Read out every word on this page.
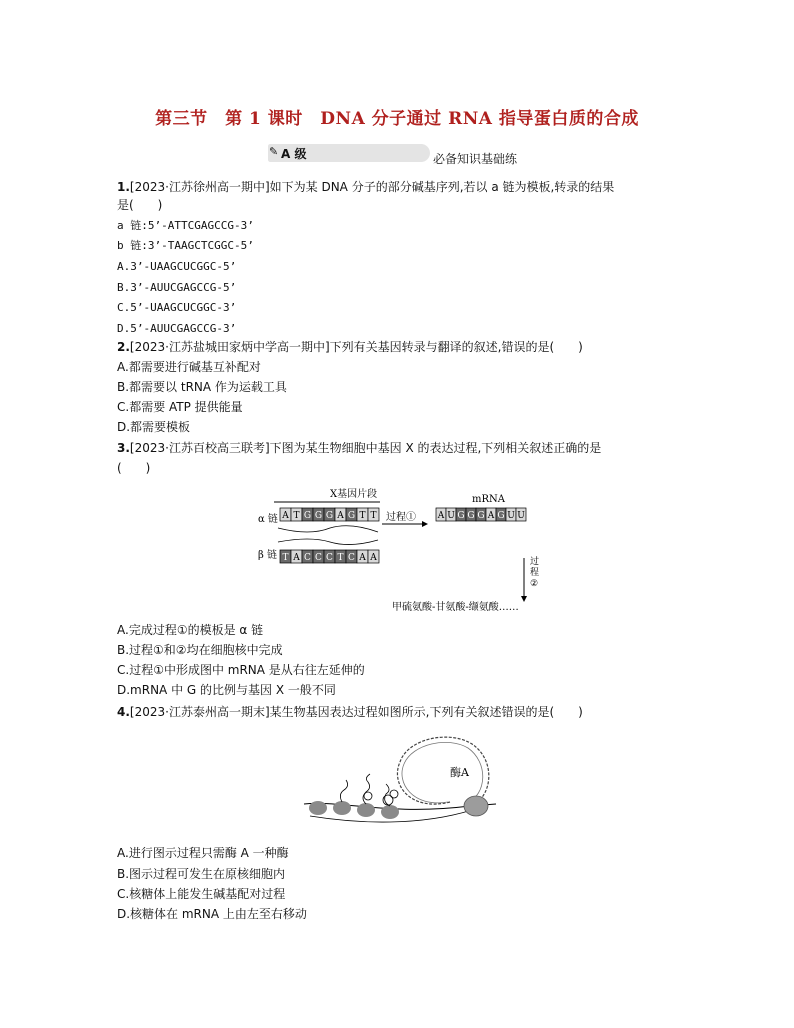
第三节　第 1 课时　DNA 分子通过 RNA 指导蛋白质的合成
✎ A 级	必备知识基础练
1.[2023·江苏徐州高一期中]如下为某 DNA 分子的部分碱基序列,若以 a 链为模板,转录的结果
是(　　)
a 链:5’-ATTCGAGCCG-3’
b 链:3’-TAAGCTCGGC-5’
A.3’-UAAGCUCGGC-5’
B.3’-AUUCGAGCCG-5’
C.5’-UAAGCUCGGC-3’
D.5’-AUUCGAGCCG-3’
2.[2023·江苏盐城田家炳中学高一期中]下列有关基因转录与翻译的叙述,错误的是(　　)
A.都需要进行碱基互补配对
B.都需要以 tRNA 作为运载工具
C.都需要 ATP 提供能量
D.都需要模板
3.[2023·江苏百校高三联考]下图为某生物细胞中基因 X 的表达过程,下列相关叙述正确的是
(　　)
X基因片段
α 链
β 链
A T G G G A G T T
T A C C C T C A A
过程①
mRNA
A U G G G A G U U
过程 ②
甲硫氨酸-甘氨酸-缬氨酸……
A.完成过程①的模板是 α 链
B.过程①和②均在细胞核中完成
C.过程①中形成图中 mRNA 是从右往左延伸的
D.mRNA 中 G 的比例与基因 X 一般不同
4.[2023·江苏泰州高一期末]某生物基因表达过程如图所示,下列有关叙述错误的是(　　)
酶A
A.进行图示过程只需酶 A 一种酶
B.图示过程可发生在原核细胞内
C.核糖体上能发生碱基配对过程
D.核糖体在 mRNA 上由左至右移动
